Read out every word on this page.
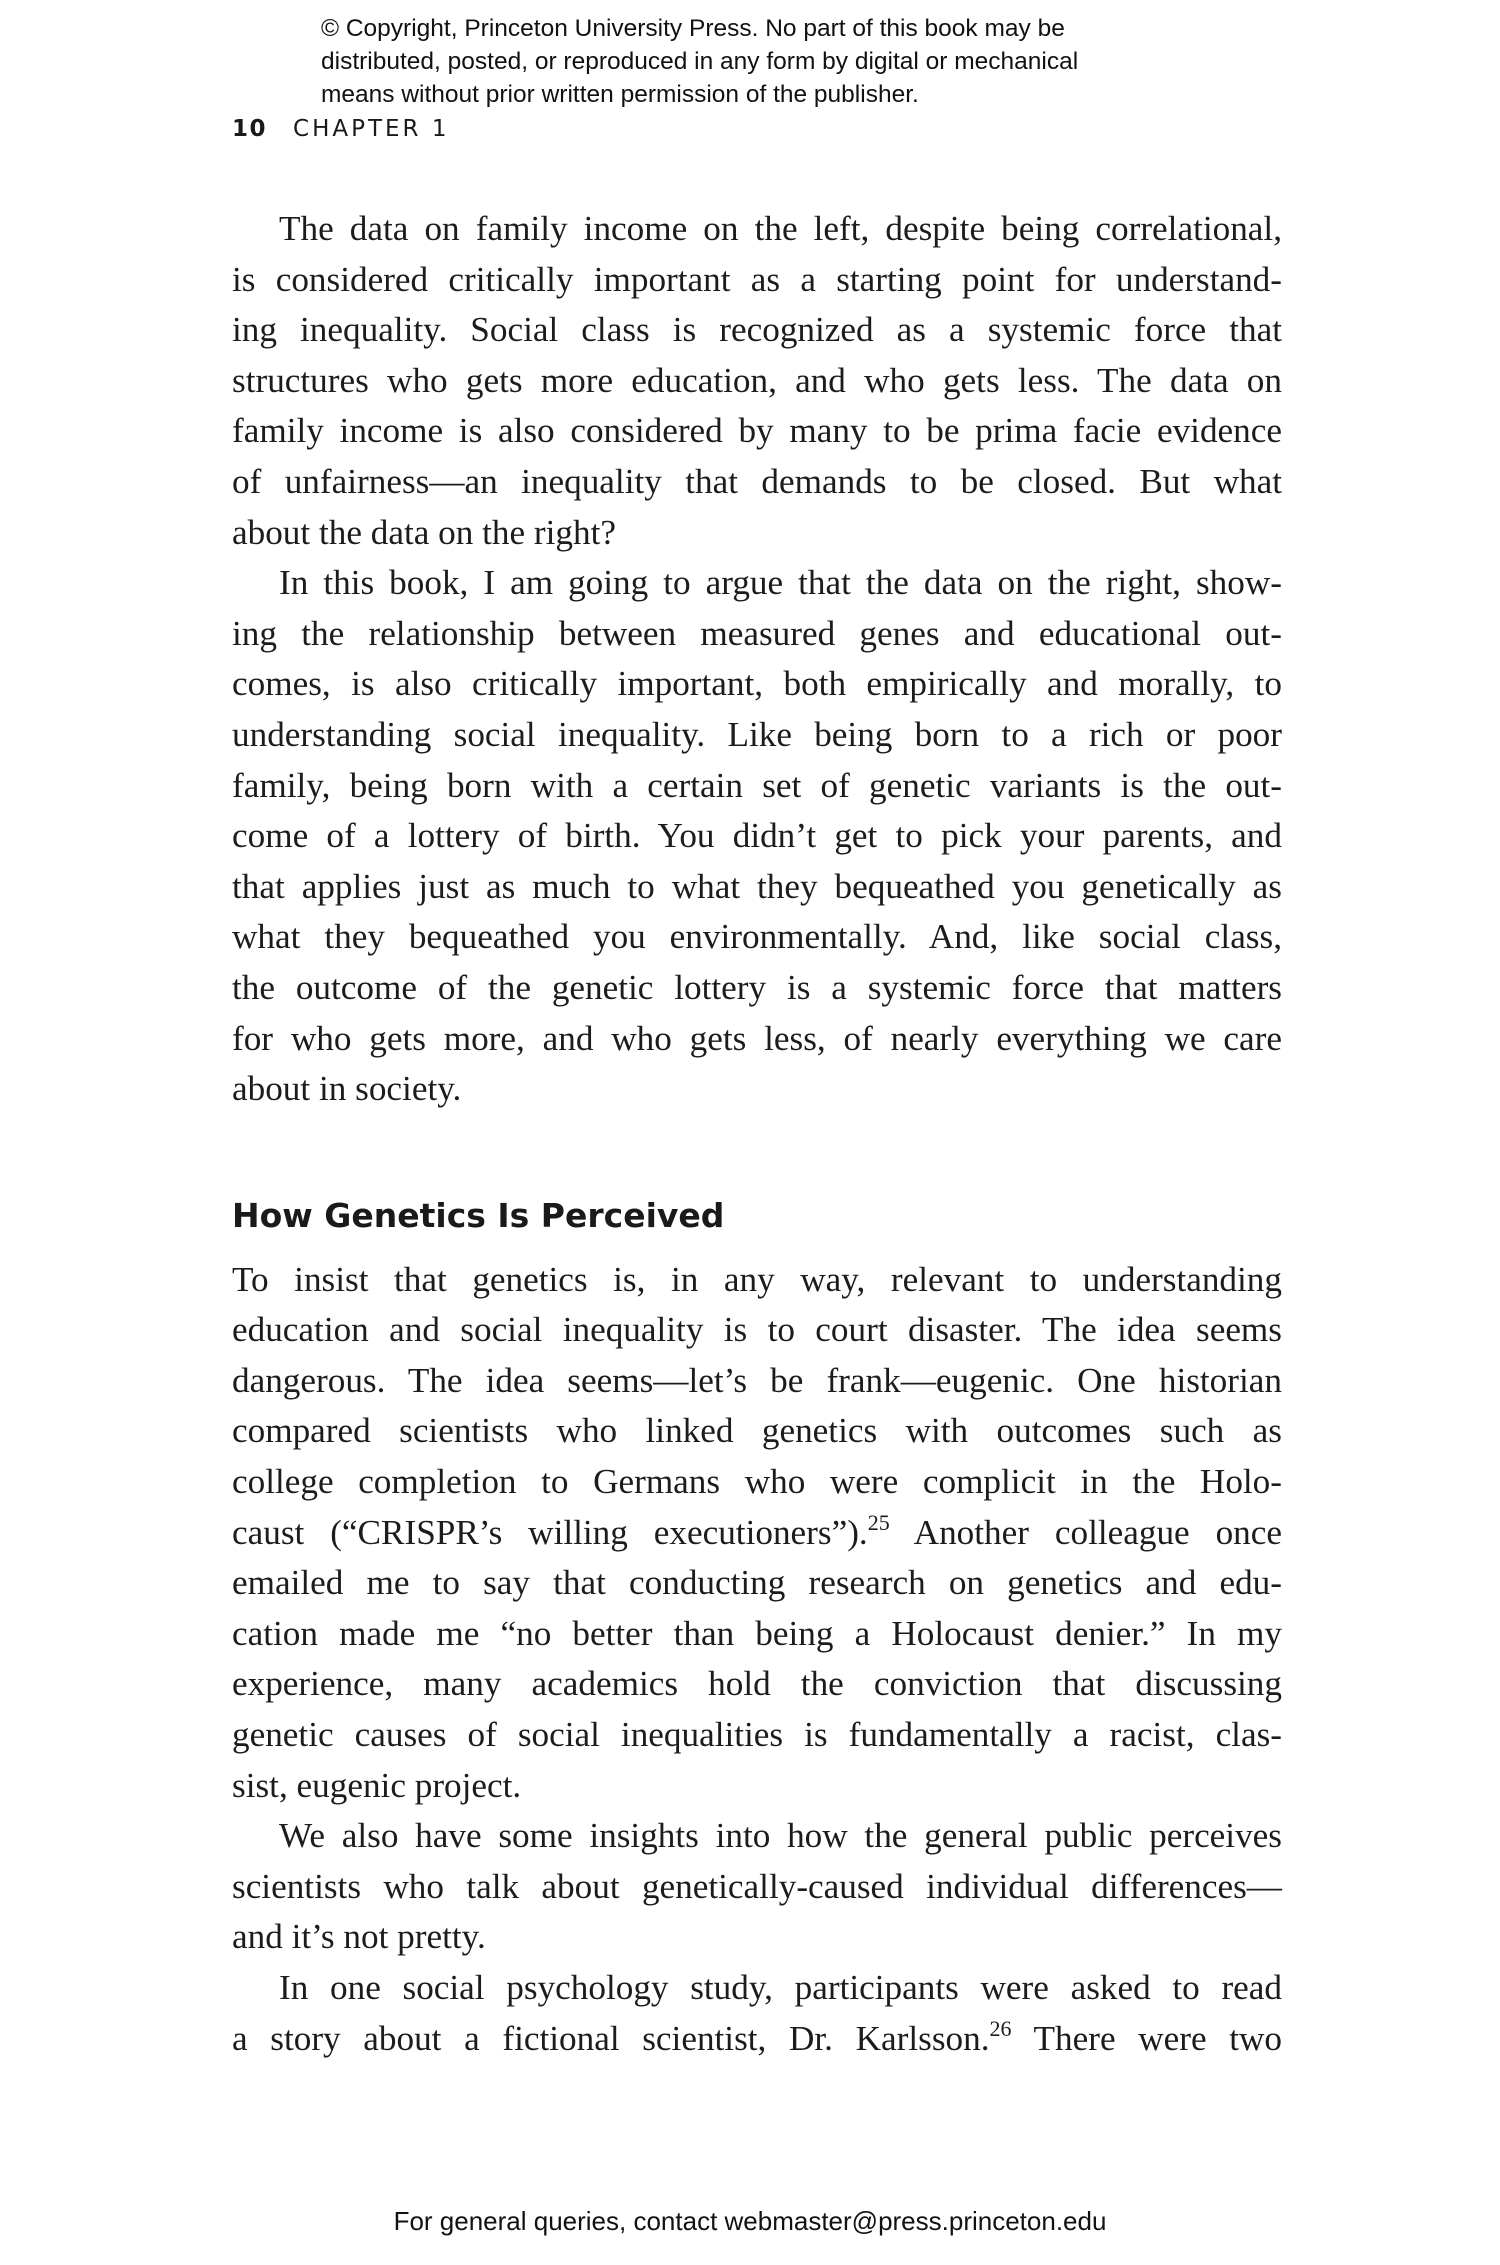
© Copyright, Princeton University Press. No part of this book may be
distributed, posted, or reproduced in any form by digital or mechanical
means without prior written permission of the publisher.
10 CHAPTER 1
The data on family income on the left, despite being correlational,
is considered critically important as a starting point for understand-
ing inequality. Social class is recognized as a systemic force that
structures who gets more education, and who gets less. The data on
family income is also considered by many to be prima facie evidence
of unfairness—an inequality that demands to be closed. But what
about the data on the right?
In this book, I am going to argue that the data on the right, show-
ing the relationship between measured genes and educational out-
comes, is also critically important, both empirically and morally, to
understanding social inequality. Like being born to a rich or poor
family, being born with a certain set of genetic variants is the out-
come of a lottery of birth. You didn’t get to pick your parents, and
that applies just as much to what they bequeathed you genetically as
what they bequeathed you environmentally. And, like social class,
the outcome of the genetic lottery is a systemic force that matters
for who gets more, and who gets less, of nearly everything we care
about in society.
How Genetics Is Perceived
To insist that genetics is, in any way, relevant to understanding
education and social inequality is to court disaster. The idea seems
dangerous. The idea seems—let’s be frank—eugenic. One historian
compared scientists who linked genetics with outcomes such as
college completion to Germans who were complicit in the Holo-
caust (“CRISPR’s willing executioners”).$^{25}$ Another colleague once
emailed me to say that conducting research on genetics and edu-
cation made me “no better than being a Holocaust denier.” In my
experience, many academics hold the conviction that discussing
genetic causes of social inequalities is fundamentally a racist, clas-
sist, eugenic project.
We also have some insights into how the general public perceives
scientists who talk about genetically-caused individual differences—
and it’s not pretty.
In one social psychology study, participants were asked to read
a story about a fictional scientist, Dr. Karlsson.$^{26}$ There were two
For general queries, contact webmaster@press.princeton.edu
